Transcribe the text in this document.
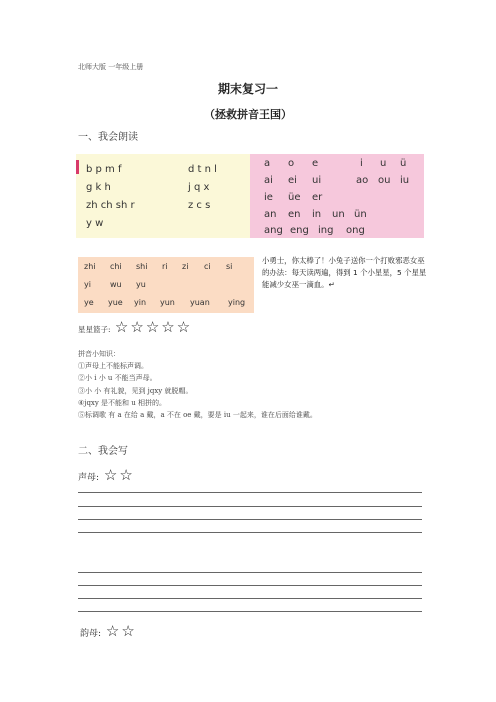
北师大版 一年级上册
期末复习一
（拯救拼音王国）
一、我会朗读
b p m f	d t n l
g k h	j q x
zh ch sh r	z c s
y w
a o e	i u ü
ai ei ui	ao ou iu
ie üe er
an en in un ün
ang eng ing ong
zhi chi shi ri zi ci si
yi wu yu
ye yue yin yun yuan ying
小勇士，你太棒了！小兔子送你一个打败邪恶女巫的办法：每天读两遍，得到 1 个小星星，5 个星星能减少女巫一滴血。↵
星星篮子: ☆ ☆ ☆ ☆ ☆
拼音小知识：
①声母上不能标声调。
②小 i 小 u 不能当声母。
③小 小 有礼貌，见到 jqxy 就脱帽。
④jqxy 是不能和 u 相拼的。
⑤标调歌 有 a 在给 a 戴，a 不在 oe 戴，要是 iu 一起来，谁在后面给谁戴。
二、我会写
声母: ☆ ☆
韵母: ☆ ☆
